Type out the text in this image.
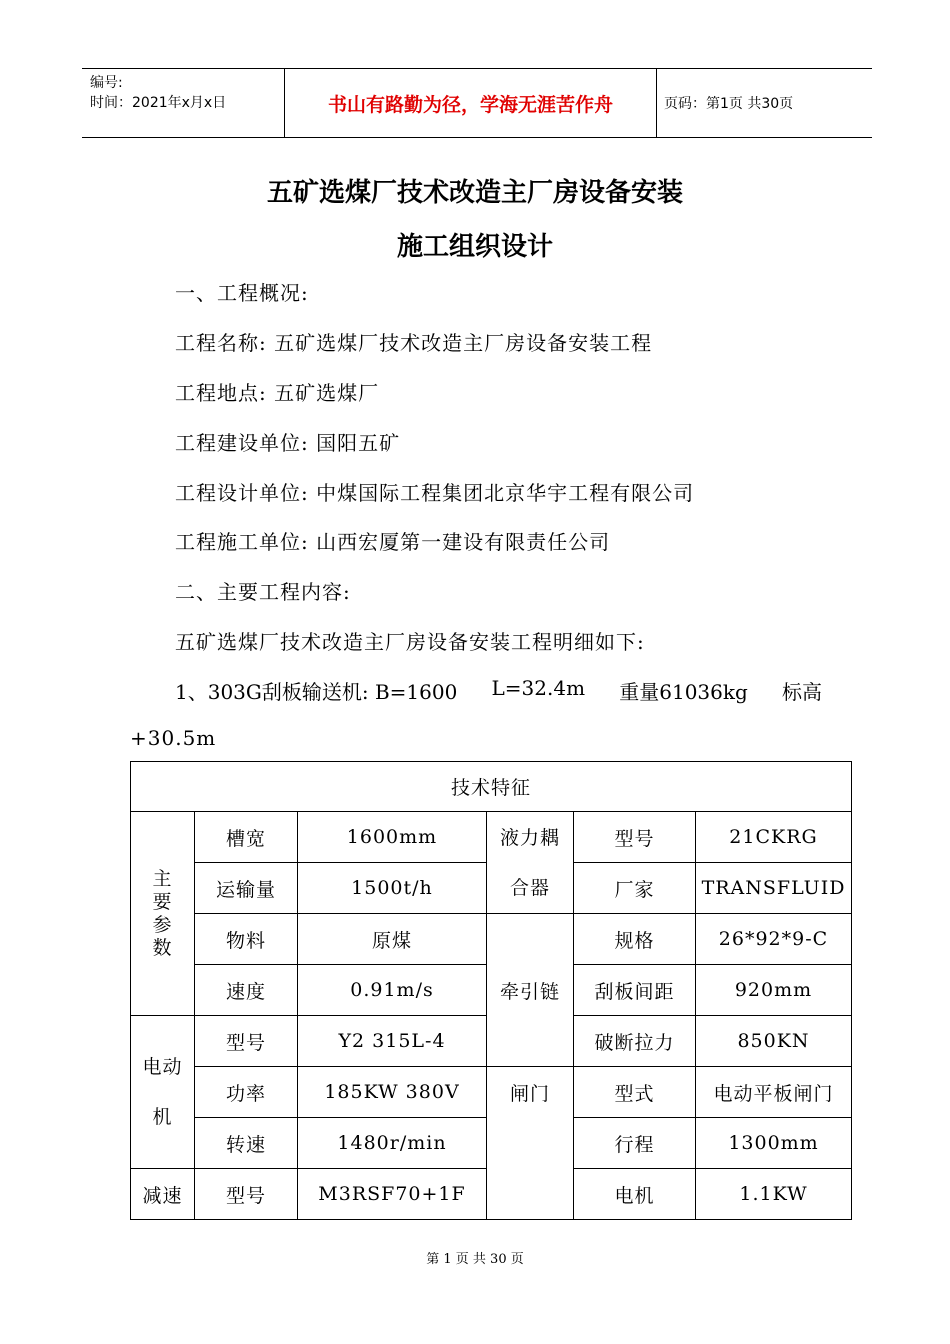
编号:
时间：2021年x月x日	书山有路勤为径，学海无涯苦作舟	页码：第1页 共30页
五矿选煤厂技术改造主厂房设备安装
施工组织设计
一、工程概况:
工程名称: 五矿选煤厂技术改造主厂房设备安装工程
工程地点: 五矿选煤厂
工程建设单位: 国阳五矿
工程设计单位: 中煤国际工程集团北京华宇工程有限公司
工程施工单位: 山西宏厦第一建设有限责任公司
二、主要工程内容:
五矿选煤厂技术改造主厂房设备安装工程明细如下:
1、303G刮板输送机: B=1600 L=32.4m 重量61036kg 标高
+30.5m
技术特征					

主要参数	槽宽	1600mm	液力耦合器	型号	21CKRG
	运输量	1500t/h		厂家	TRANSFLUID
	物料	原煤	牵引链	规格	26*92*9-C
	速度	0.91m/s		刮板间距	920mm

电动机	型号	Y2 315L-4		破断拉力	850KN
	功率	185KW 380V	闸门	型式	电动平板闸门
	转速	1480r/min		行程	1300mm
减速	型号	M3RSF70+1F		电机	1.1KW
第 1 页 共 30 页
